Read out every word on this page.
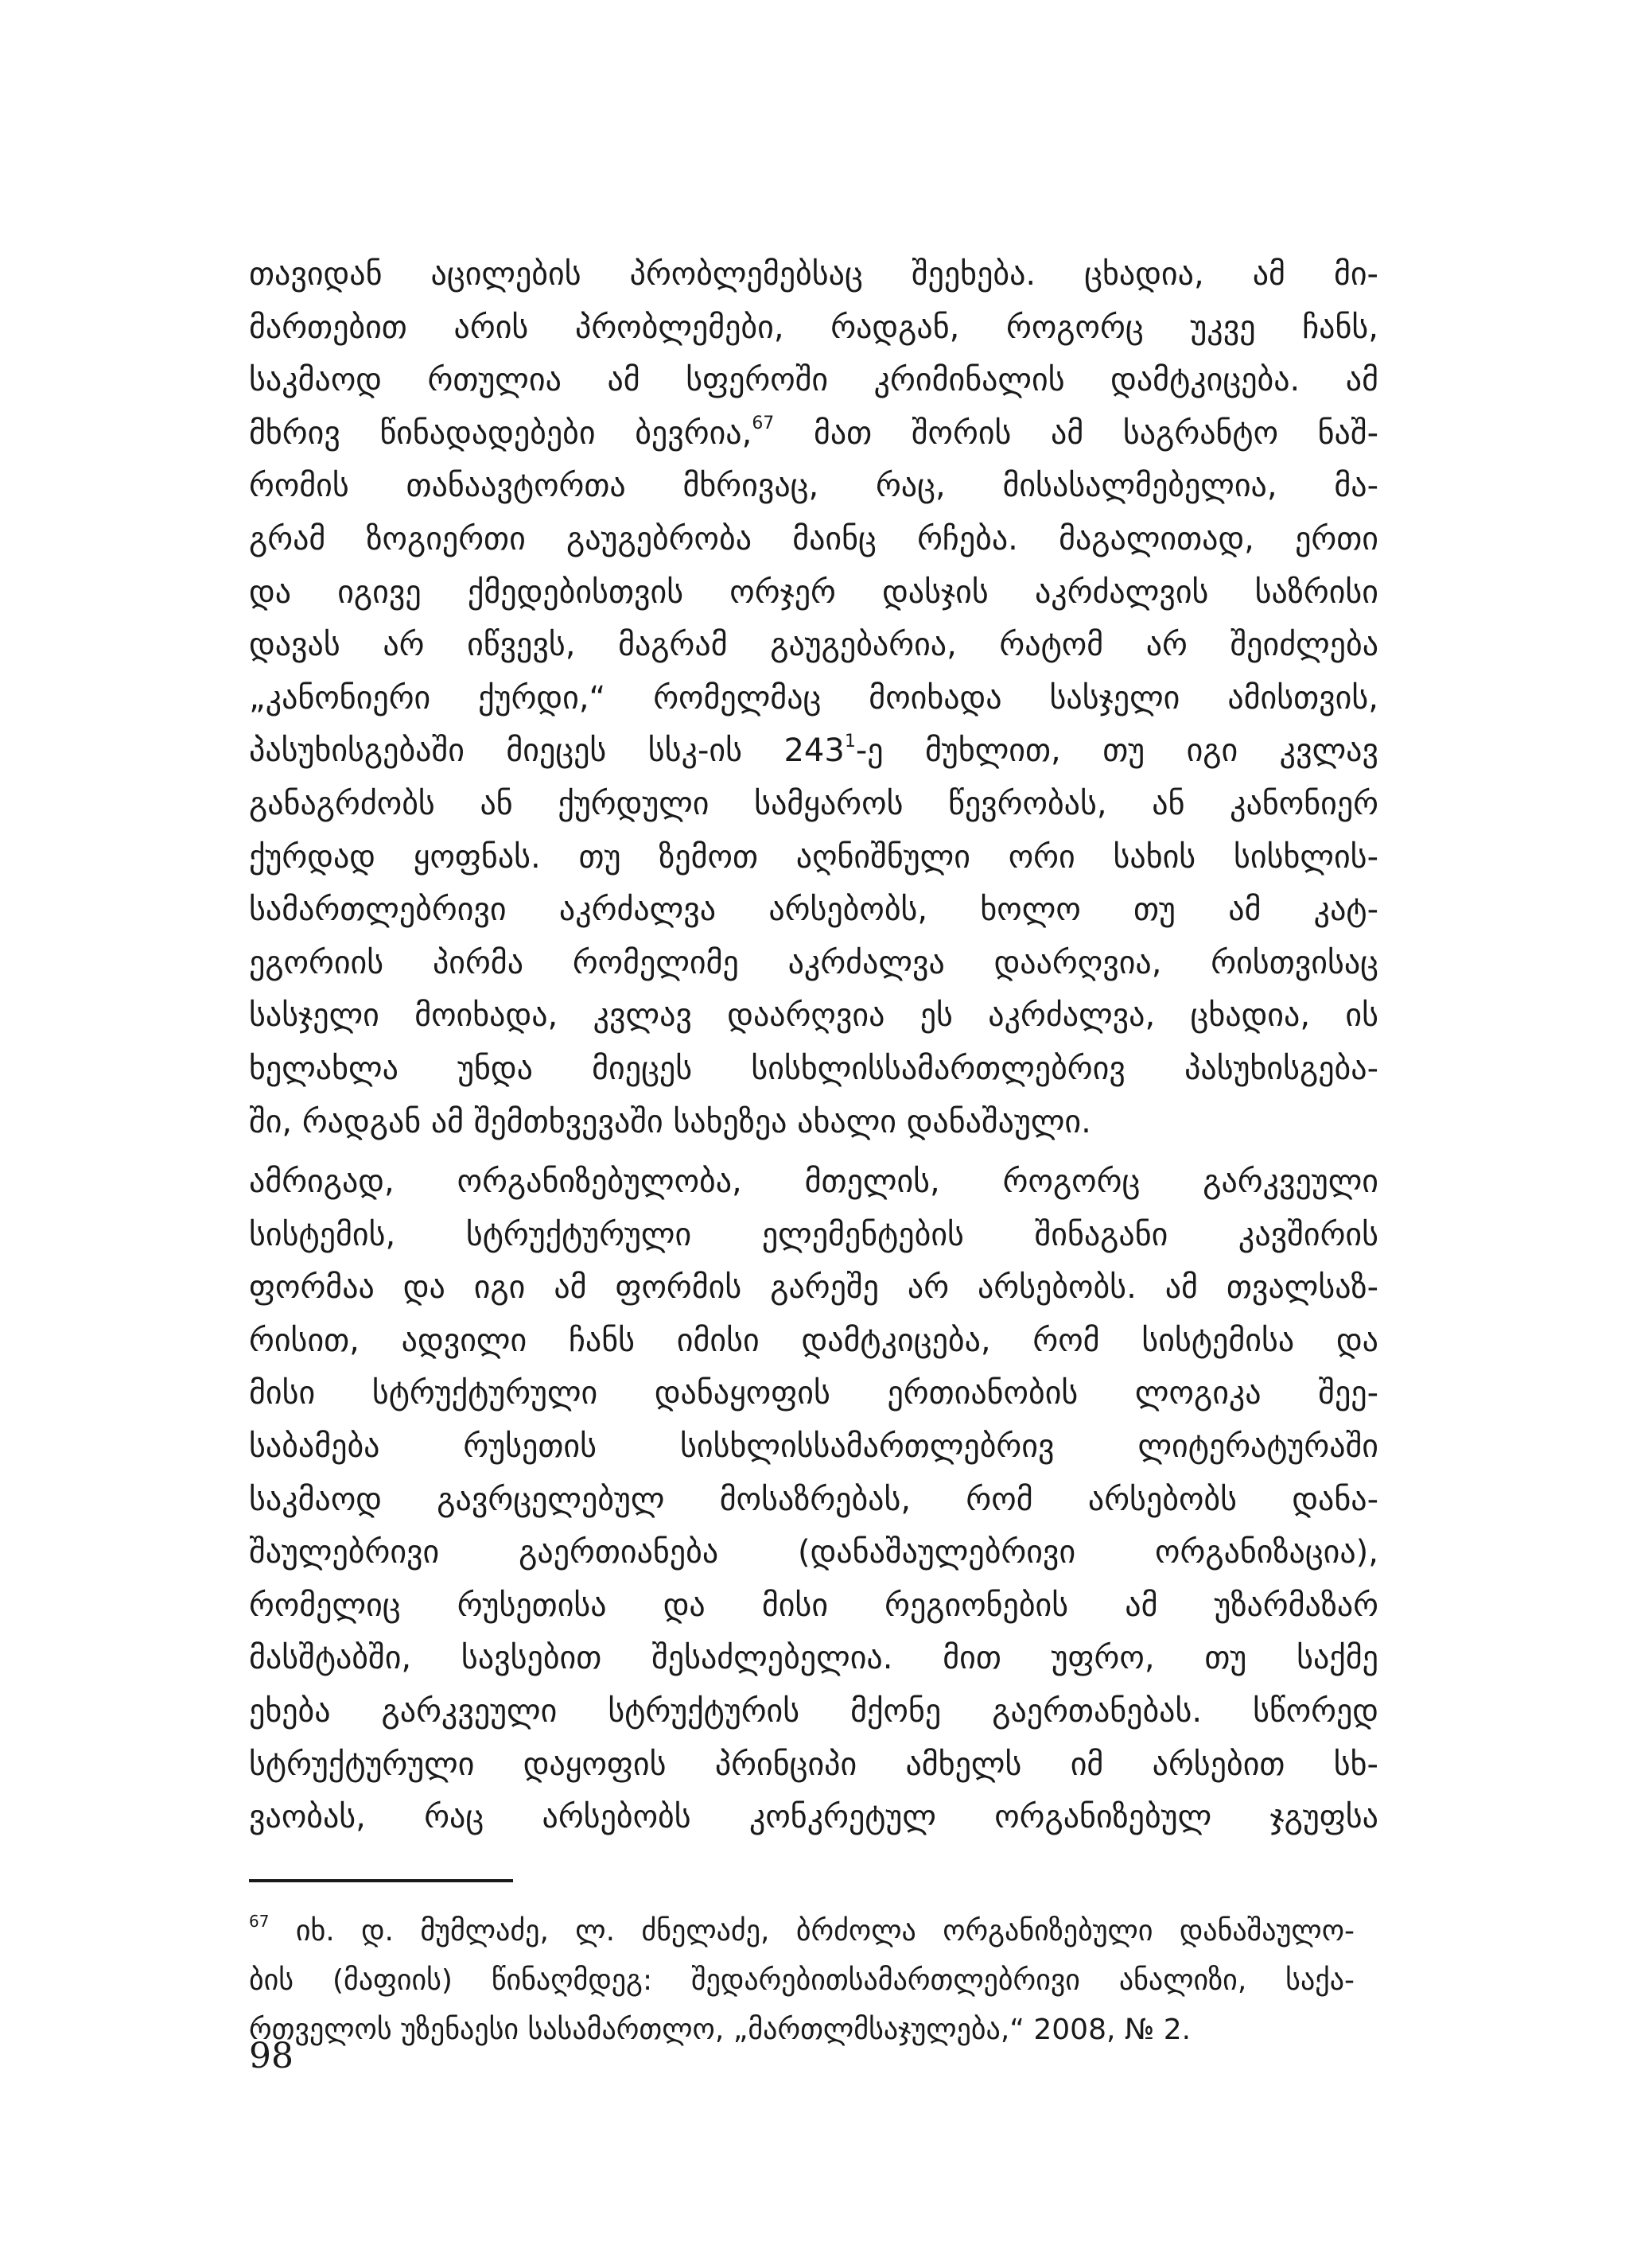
თავიდან აცილების პრობლემებსაც შეეხება. ცხადია, ამ მი-
მართებით არის პრობლემები, რადგან, როგორც უკვე ჩანს,
საკმაოდ რთულია ამ სფეროში კრიმინალის დამტკიცება. ამ
მხრივ წინადადებები ბევრია,$^{67}$ მათ შორის ამ საგრანტო ნაშ-
რომის თანაავტორთა მხრივაც, რაც, მისასალმებელია, მა-
გრამ ზოგიერთი გაუგებრობა მაინც რჩება. მაგალითად, ერთი
და იგივე ქმედებისთვის ორჯერ დასჯის აკრძალვის საზრისი
დავას არ იწვევს, მაგრამ გაუგებარია, რატომ არ შეიძლება
„კანონიერი ქურდი,“ რომელმაც მოიხადა სასჯელი ამისთვის,
პასუხისგებაში მიეცეს სსკ-ის $243^1-ე$ მუხლით, თუ იგი კვლავ
განაგრძობს ან ქურდული სამყაროს წევრობას, ან კანონიერ
ქურდად ყოფნას. თუ ზემოთ აღნიშნული ორი სახის სისხლის-
სამართლებრივი აკრძალვა არსებობს, ხოლო თუ ამ კატ-
ეგორიის პირმა რომელიმე აკრძალვა დაარღვია, რისთვისაც
სასჯელი მოიხადა, კვლავ დაარღვია ეს აკრძალვა, ცხადია, ის
ხელახლა უნდა მიეცეს სისხლისსამართლებრივ პასუხისგება-
ში, რადგან ამ შემთხვევაში სახეზეა ახალი დანაშაული.

ამრიგად, ორგანიზებულობა, მთელის, როგორც გარკვეული
სისტემის, სტრუქტურული ელემენტების შინაგანი კავშირის
ფორმაა და იგი ამ ფორმის გარეშე არ არსებობს. ამ თვალსაზ-
რისით, ადვილი ჩანს იმისი დამტკიცება, რომ სისტემისა და
მისი სტრუქტურული დანაყოფის ერთიანობის ლოგიკა შეე-
საბამება რუსეთის სისხლისსამართლებრივ ლიტერატურაში
საკმაოდ გავრცელებულ მოსაზრებას, რომ არსებობს დანა-
შაულებრივი გაერთიანება (დანაშაულებრივი ორგანიზაცია),
რომელიც რუსეთისა და მისი რეგიონების ამ უზარმაზარ
მასშტაბში, სავსებით შესაძლებელია. მით უფრო, თუ საქმე
ეხება გარკვეული სტრუქტურის მქონე გაერთანებას. სწორედ
სტრუქტურული დაყოფის პრინციპი ამხელს იმ არსებით სხ-
ვაობას, რაც არსებობს კონკრეტულ ორგანიზებულ ჯგუფსა

$^{67}$ იხ. დ. მუმლაძე, ლ. ძნელაძე, ბრძოლა ორგანიზებული დანაშაულო-
ბის (მაფიის) წინაღმდეგ: შედარებითსამართლებრივი ანალიზი, საქა-
რთველოს უზენაესი სასამართლო, „მართლმსაჯულება,“ 2008, № 2.
98
